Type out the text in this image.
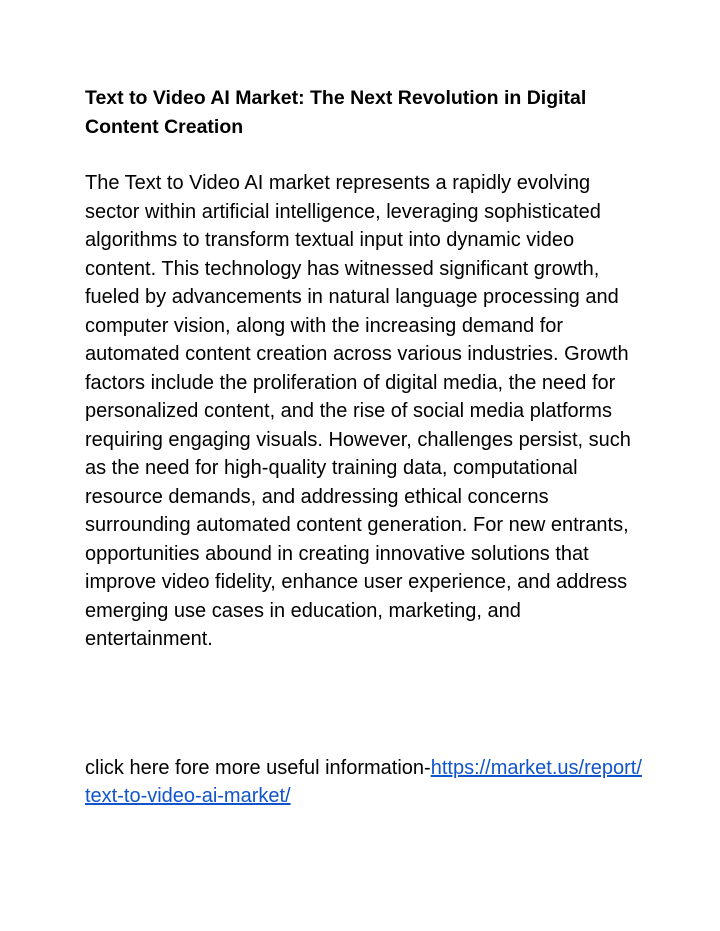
Text to Video AI Market: The Next Revolution in Digital Content Creation

The Text to Video AI market represents a rapidly evolving sector within artificial intelligence, leveraging sophisticated algorithms to transform textual input into dynamic video content. This technology has witnessed significant growth, fueled by advancements in natural language processing and computer vision, along with the increasing demand for automated content creation across various industries. Growth factors include the proliferation of digital media, the need for personalized content, and the rise of social media platforms requiring engaging visuals. However, challenges persist, such as the need for high-quality training data, computational resource demands, and addressing ethical concerns surrounding automated content generation. For new entrants, opportunities abound in creating innovative solutions that improve video fidelity, enhance user experience, and address emerging use cases in education, marketing, and entertainment.

click here fore more useful information-https://market.us/report/text-to-video-ai-market/
